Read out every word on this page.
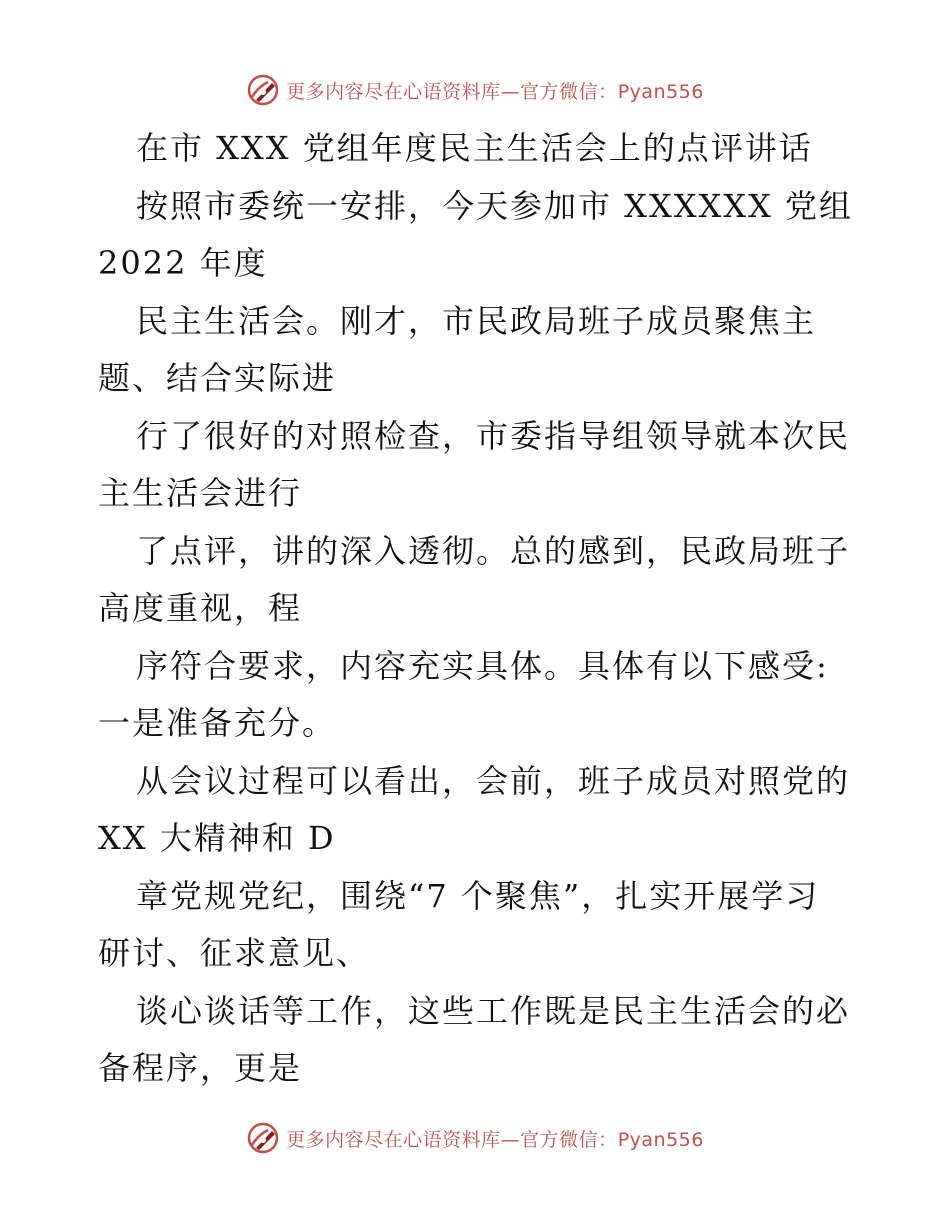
更多内容尽在心语资料库—官方微信：Pyan556
在市 XXX 党组年度民主生活会上的点评讲话
按照市委统一安排，今天参加市 XXXXXX 党组
2022 年度
民主生活会。刚才，市民政局班子成员聚焦主
题、结合实际进
行了很好的对照检查，市委指导组领导就本次民
主生活会进行
了点评，讲的深入透彻。总的感到，民政局班子
高度重视，程
序符合要求，内容充实具体。具体有以下感受:
一是准备充分。
从会议过程可以看出，会前，班子成员对照党的
XX 大精神和 D
章党规党纪，围绕“7 个聚焦”，扎实开展学习
研讨、征求意见、
谈心谈话等工作，这些工作既是民主生活会的必
备程序，更是
更多内容尽在心语资料库—官方微信：Pyan556
